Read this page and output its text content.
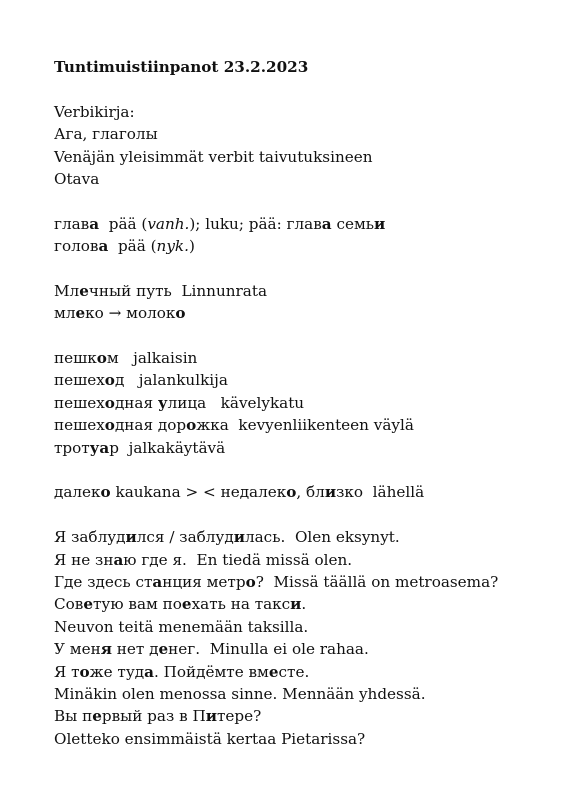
Tuntimuistiinpanot 23.2.2023
Verbikirja:
Ага, глаголы
Venäjän yleisimmät verbit taivutuksineen
Otava
глава  pää (vanh.); luku; pää: глава семьи
голова  pää (nyk.)
Млечный путь  Linnunrata
млеко → молоко
пешком   jalkaisin
пешеход   jalankulkija
пешеходная улица   kävelykatu
пешеходная дорожка  kevyenliikenteen väylä
тротуар  jalkakäytävä
далеко kaukana > < недалеко, близко  lähellä
Я заблудился / заблудилась.  Olen eksynyt.
Я не знаю где я.  En tiedä missä olen.
Где здесь станция метро?  Missä täällä on metroasema?
Советую вам поехать на такси.
Neuvon teitä menemään taksilla.
У меня нет денег.  Minulla ei ole rahaa.
Я тоже туда. Пойдёмте вместе.
Minäkin olen menossa sinne. Mennään yhdessä.
Вы первый раз в Питере?
Oletteko ensimmäistä kertaa Pietarissa?
